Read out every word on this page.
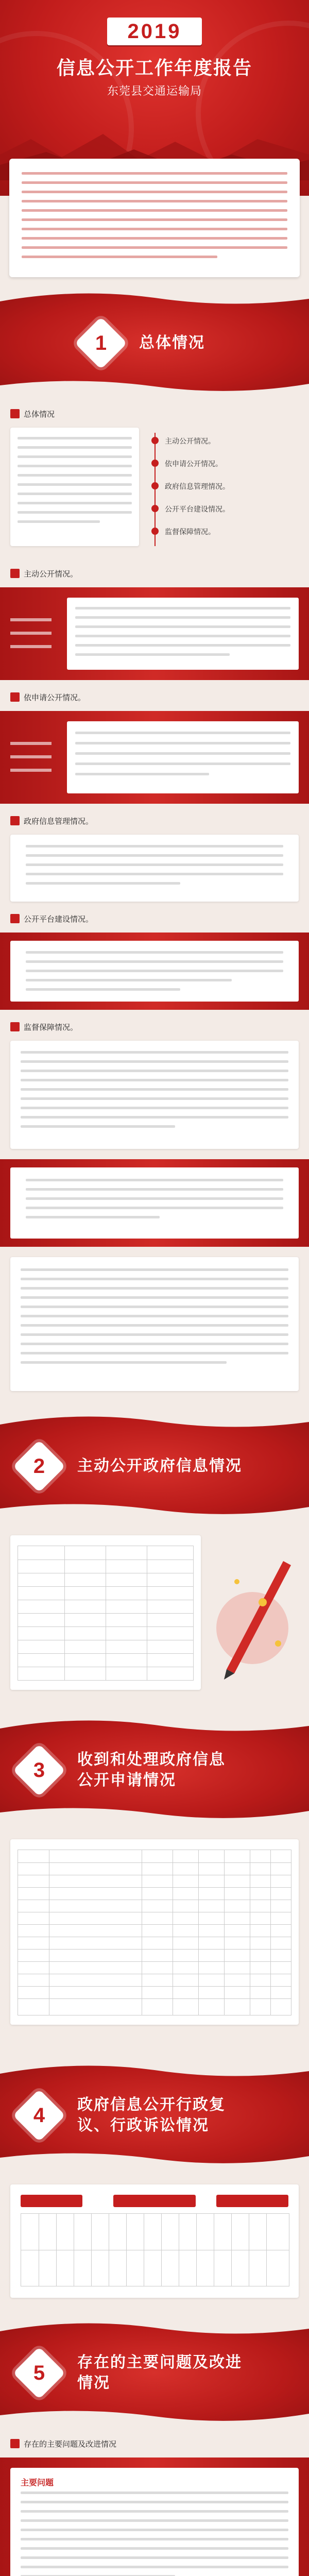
2019
信息公开工作年度报告
东莞县交通运输局
1	总体情况
总体情况
主动公开情况。
依申请公开情况。
政府信息管理情况。
公开平台建设情况。
监督保障情况。
主动公开情况。
依申请公开情况。
政府信息管理情况。
公开平台建设情况。
监督保障情况。
2	主动公开政府信息情况
3	收到和处理政府信息公开申请情况
4	政府信息公开行政复议、行政诉讼情况
5	存在的主要问题及改进情况
存在的主要问题及改进情况
主要问题
